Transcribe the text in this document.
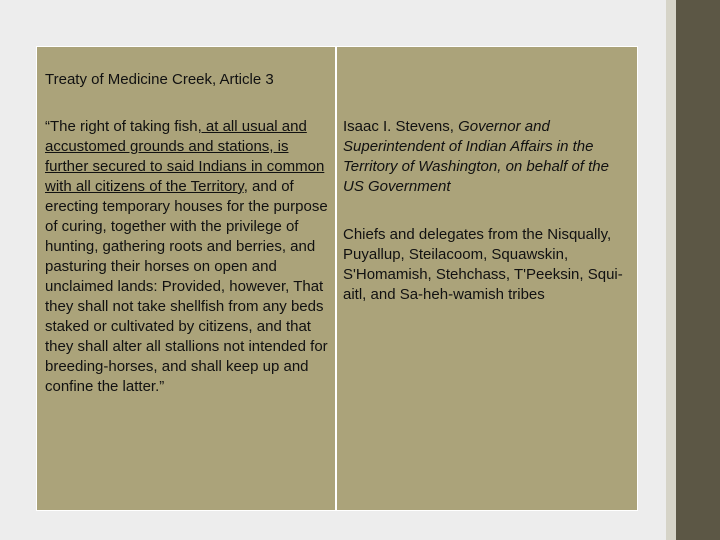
Treaty of Medicine Creek, Article 3
“The right of taking fish, at all usual and accustomed grounds and stations, is further secured to said Indians in common with all citizens of the Territory, and of erecting temporary houses for the purpose of curing, together with the privilege of hunting, gathering roots and berries, and pasturing their horses on open and unclaimed lands: Provided, however, That they shall not take shellfish from any beds staked or cultivated by citizens, and that they shall alter all stallions not intended for breeding-horses, and shall keep up and confine the latter.”
Isaac I. Stevens, Governor and Superintendent of Indian Affairs in the Territory of Washington, on behalf of the US Government
Chiefs and delegates from the Nisqually, Puyallup, Steilacoom, Squawskin, S'Homamish, Stehchass, T'Peeksin, Squi-aitl, and Sa-heh-wamish tribes
